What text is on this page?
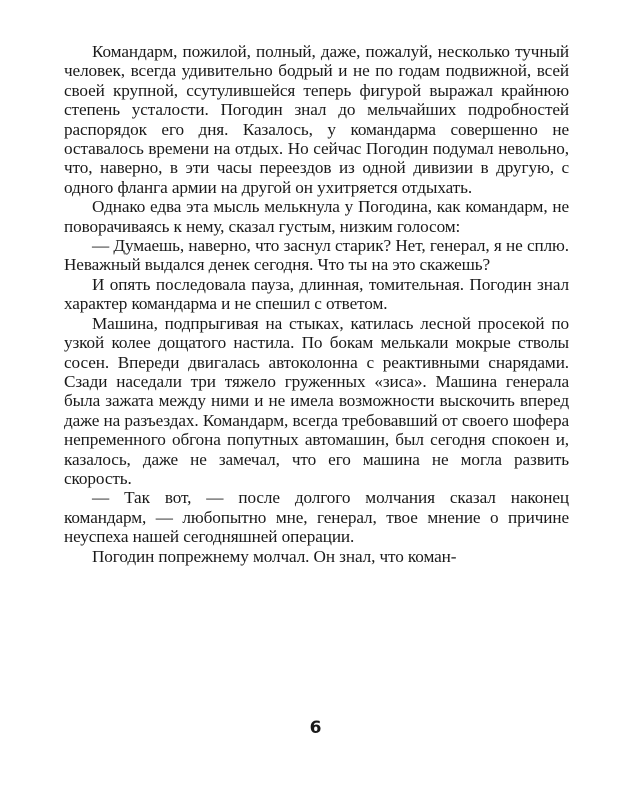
Командарм, пожилой, полный, даже, пожалуй, несколько тучный человек, всегда удивительно бодрый и не по годам подвижной, всей своей крупной, ссутулившейся теперь фигурой выражал крайнюю степень усталости. Погодин знал до мельчайших подробностей распорядок его дня. Казалось, у командарма совершенно не оставалось времени на отдых. Но сейчас Погодин подумал невольно, что, наверно, в эти часы переездов из одной дивизии в другую, с одного фланга армии на другой он ухитряется отдыхать.

Однако едва эта мысль мелькнула у Погодина, как командарм, не поворачиваясь к нему, сказал густым, низким голосом:

— Думаешь, наверно, что заснул старик? Нет, генерал, я не сплю. Неважный выдался денек сегодня. Что ты на это скажешь?

И опять последовала пауза, длинная, томительная. Погодин знал характер командарма и не спешил с ответом.

Машина, подпрыгивая на стыках, катилась лесной просекой по узкой колее дощатого настила. По бокам мелькали мокрые стволы сосен. Впереди двигалась автоколонна с реактивными снарядами. Сзади наседали три тяжело груженных «зиса». Машина генерала была зажата между ними и не имела возможности выскочить вперед даже на разъездах. Командарм, всегда требовавший от своего шофера непременного обгона попутных автомашин, был сегодня спокоен и, казалось, даже не замечал, что его машина не могла развить скорость.

— Так вот, — после долгого молчания сказал наконец командарм, — любопытно мне, генерал, твое мнение о причине неуспеха нашей сегодняшней операции.

Погодин попрежнему молчал. Он знал, что коман-

6
